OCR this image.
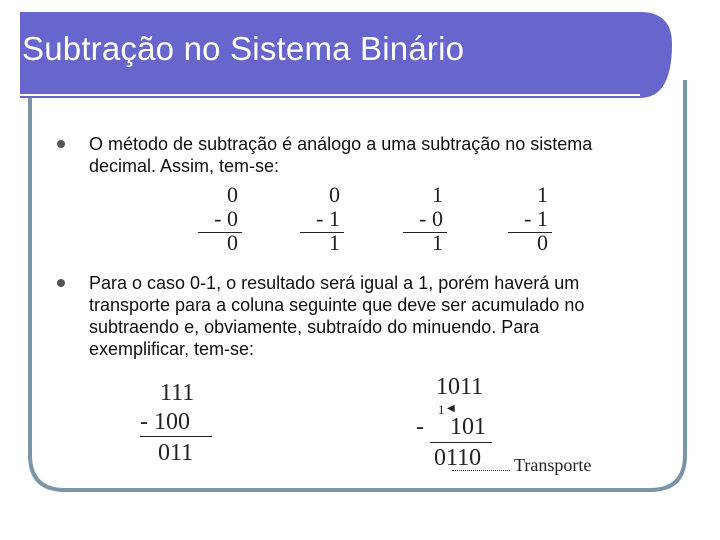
Subtração no Sistema Binário
O método de subtração é análogo a uma subtração no sistema
decimal. Assim, tem-se:
0
- 0
0
0
- 1
1
1
- 0
1
1
- 1
0
Para o caso 0-1, o resultado será igual a 1, porém haverá um
transporte para a coluna seguinte que deve ser acumulado no
subtraendo e, obviamente, subtraído do minuendo. Para
exemplificar, tem-se:
111
- 100
011
1011
1 ◀
- 101
0110 Transporte
